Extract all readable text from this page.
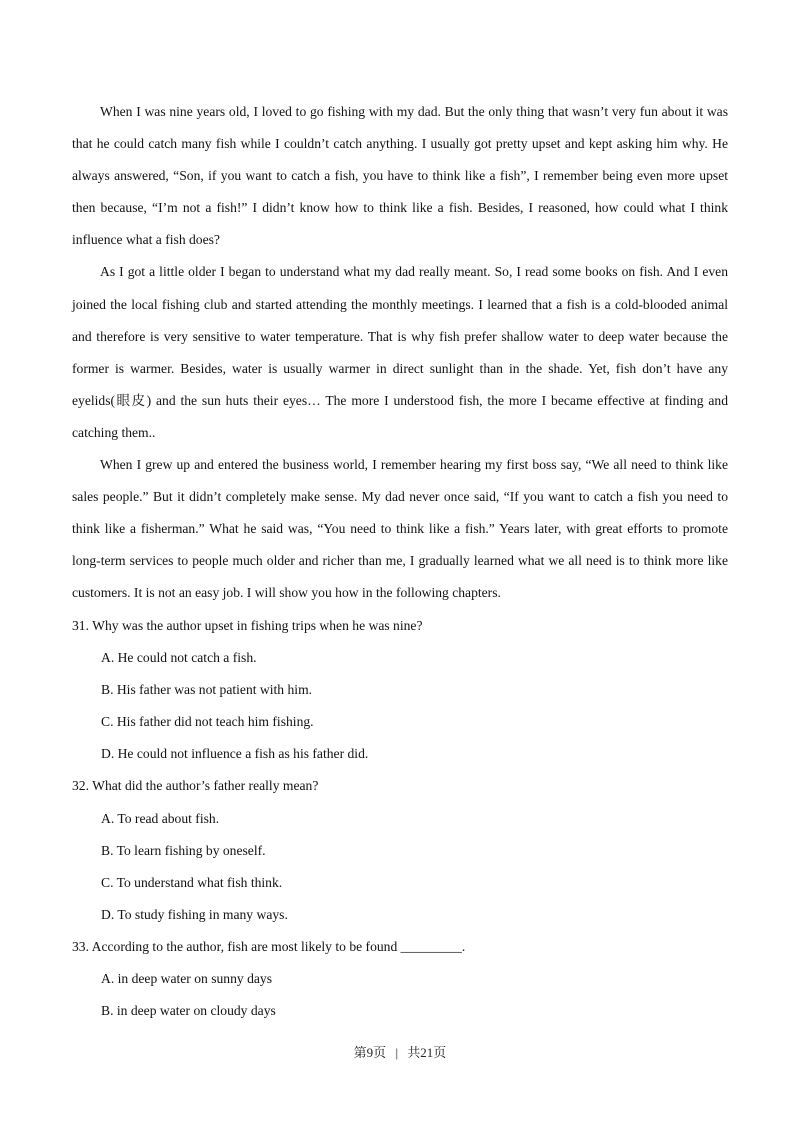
When I was nine years old, I loved to go fishing with my dad. But the only thing that wasn’t very fun about it was that he could catch many fish while I couldn’t catch anything. I usually got pretty upset and kept asking him why. He always answered, “Son, if you want to catch a fish, you have to think like a fish”, I remember being even more upset then because, “I’m not a fish!” I didn’t know how to think like a fish. Besides, I reasoned, how could what I think influence what a fish does?

As I got a little older I began to understand what my dad really meant. So, I read some books on fish. And I even joined the local fishing club and started attending the monthly meetings. I learned that a fish is a cold-blooded animal and therefore is very sensitive to water temperature. That is why fish prefer shallow water to deep water because the former is warmer. Besides, water is usually warmer in direct sunlight than in the shade. Yet, fish don’t have any eyelids(眼皮) and the sun huts their eyes… The more I understood fish, the more I became effective at finding and catching them..

When I grew up and entered the business world, I remember hearing my first boss say, “We all need to think like sales people.” But it didn’t completely make sense. My dad never once said, “If you want to catch a fish you need to think like a fisherman.” What he said was, “You need to think like a fish.” Years later, with great efforts to promote long-term services to people much older and richer than me, I gradually learned what we all need is to think more like customers. It is not an easy job. I will show you how in the following chapters.

31. Why was the author upset in fishing trips when he was nine?
A. He could not catch a fish.
B. His father was not patient with him.
C. His father did not teach him fishing.
D. He could not influence a fish as his father did.
32. What did the author’s father really mean?
A. To read about fish.
B. To learn fishing by oneself.
C. To understand what fish think.
D. To study fishing in many ways.
33. According to the author, fish are most likely to be found _________.
A. in deep water on sunny days
B. in deep water on cloudy days
第9页 | 共21页
